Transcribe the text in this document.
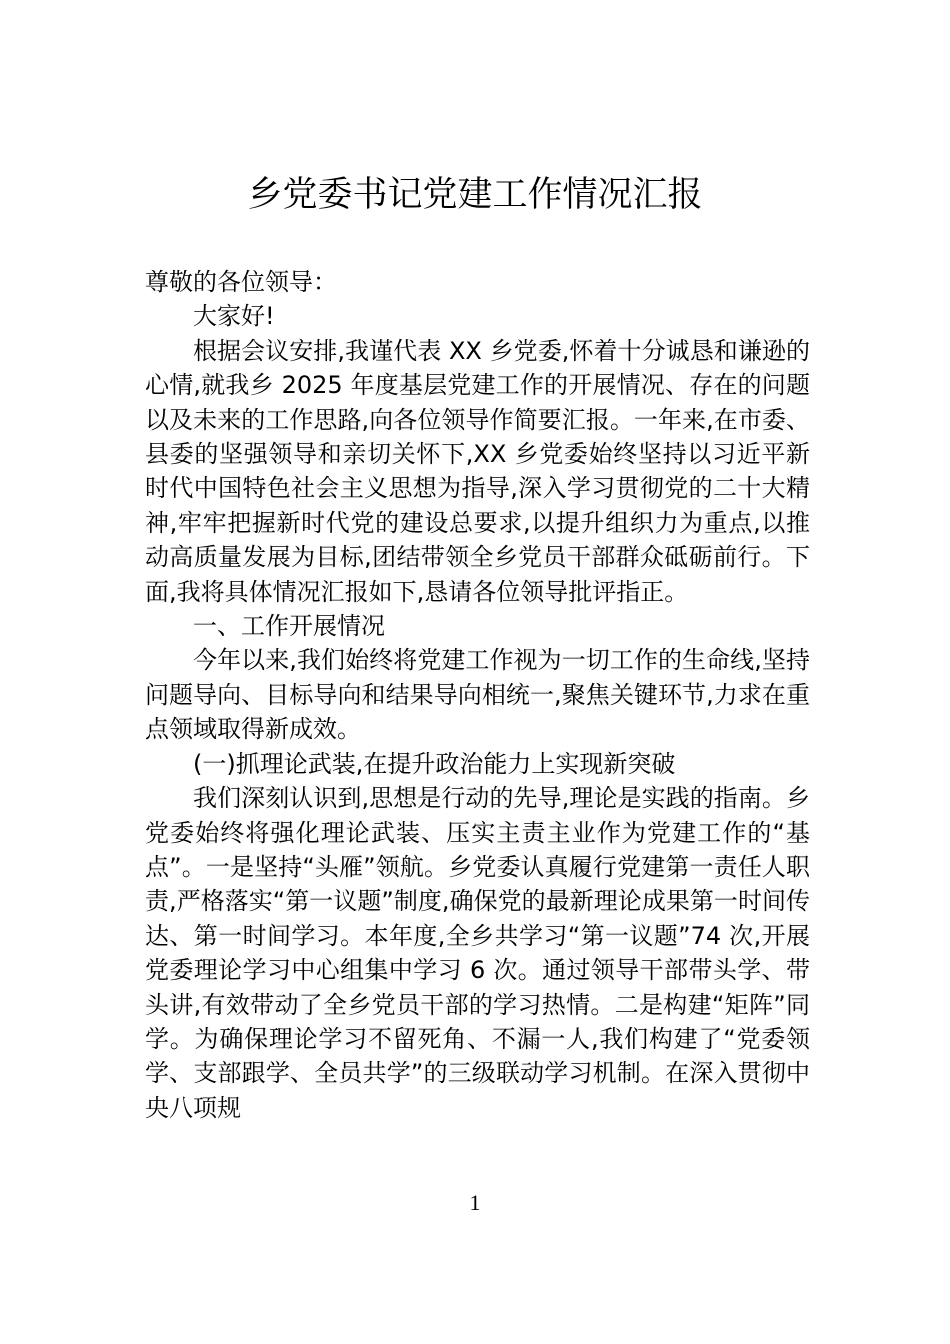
乡党委书记党建工作情况汇报

尊敬的各位领导：

大家好!

根据会议安排,我谨代表 XX 乡党委,怀着十分诚恳和谦逊的心情,就我乡 2025 年度基层党建工作的开展情况、存在的问题以及未来的工作思路,向各位领导作简要汇报。一年来,在市委、县委的坚强领导和亲切关怀下,XX 乡党委始终坚持以习近平新时代中国特色社会主义思想为指导,深入学习贯彻党的二十大精神,牢牢把握新时代党的建设总要求,以提升组织力为重点,以推动高质量发展为目标,团结带领全乡党员干部群众砥砺前行。下面,我将具体情况汇报如下,恳请各位领导批评指正。

一、工作开展情况

今年以来,我们始终将党建工作视为一切工作的生命线,坚持问题导向、目标导向和结果导向相统一,聚焦关键环节,力求在重点领域取得新成效。

(一)抓理论武装,在提升政治能力上实现新突破

我们深刻认识到,思想是行动的先导,理论是实践的指南。乡党委始终将强化理论武装、压实主责主业作为党建工作的“基点”。一是坚持“头雁”领航。乡党委认真履行党建第一责任人职责,严格落实“第一议题”制度,确保党的最新理论成果第一时间传达、第一时间学习。本年度,全乡共学习“第一议题”74 次,开展党委理论学习中心组集中学习 6 次。通过领导干部带头学、带头讲,有效带动了全乡党员干部的学习热情。二是构建“矩阵”同学。为确保理论学习不留死角、不漏一人,我们构建了“党委领学、支部跟学、全员共学”的三级联动学习机制。在深入贯彻中央八项规

1
